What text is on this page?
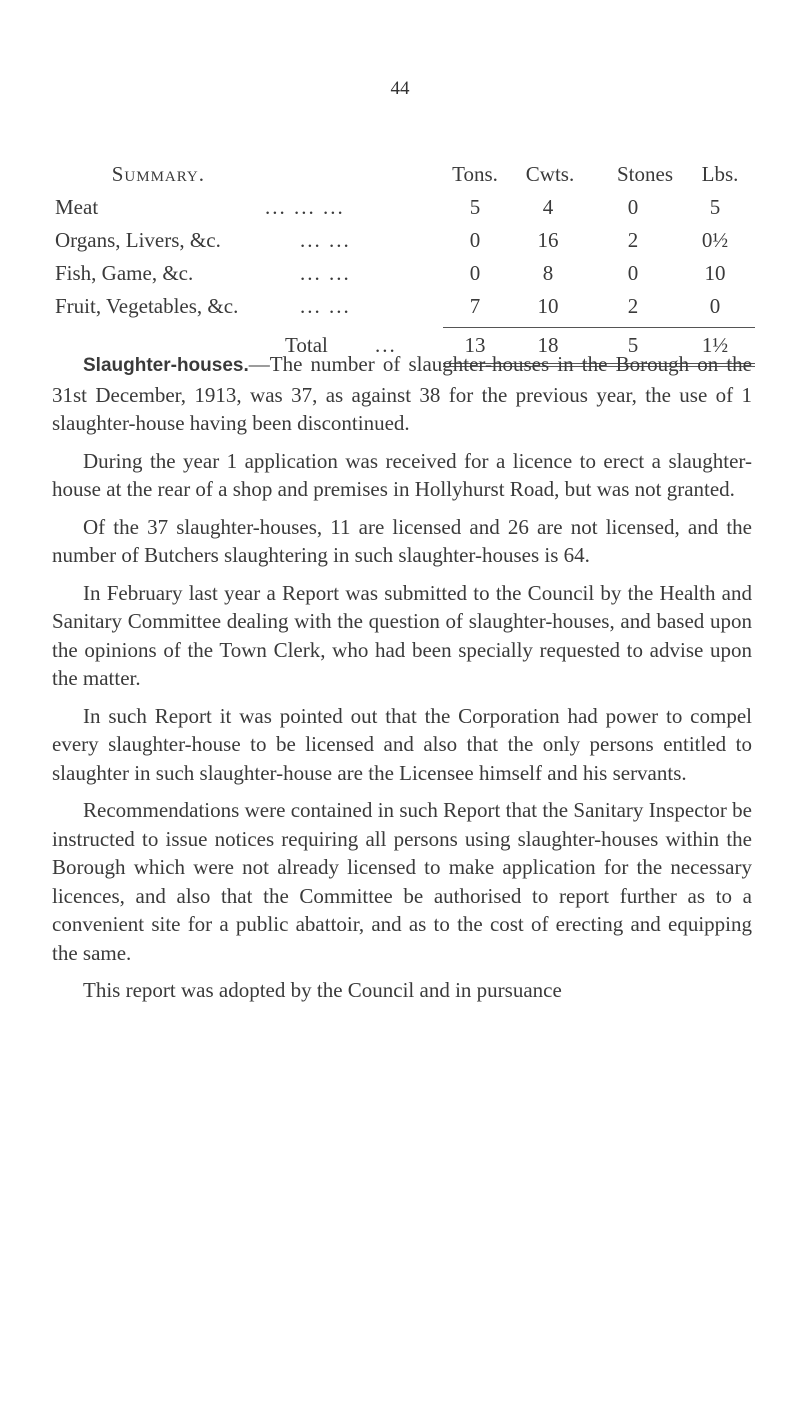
44
Summary.	Tons.	Cwts.	Stones	Lbs.
Meat	... ... ...	5	4	0	5
Organs, Livers, &c.	... ...	0	16	2	0½
Fish, Game, &c.	... ...	0	8	0	10
Fruit, Vegetables, &c.	... ...	7	10	2	0
Total ...	13	18	5	1½

Slaughter-houses.—The number of slaughter-houses in the Borough on the 31st December, 1913, was 37, as against 38 for the previous year, the use of 1 slaughter-house having been discontinued.

During the year 1 application was received for a licence to erect a slaughter-house at the rear of a shop and premises in Hollyhurst Road, but was not granted.

Of the 37 slaughter-houses, 11 are licensed and 26 are not licensed, and the number of Butchers slaughtering in such slaughter-houses is 64.

In February last year a Report was submitted to the Council by the Health and Sanitary Committee dealing with the question of slaughter-houses, and based upon the opinions of the Town Clerk, who had been specially requested to advise upon the matter.

In such Report it was pointed out that the Corporation had power to compel every slaughter-house to be licensed and also that the only persons entitled to slaughter in such slaughter-house are the Licensee himself and his servants.

Recommendations were contained in such Report that the Sanitary Inspector be instructed to issue notices requiring all persons using slaughter-houses within the Borough which were not already licensed to make application for the necessary licences, and also that the Committee be authorised to report further as to a convenient site for a public abattoir, and as to the cost of erecting and equipping the same.

This report was adopted by the Council and in pursuance
